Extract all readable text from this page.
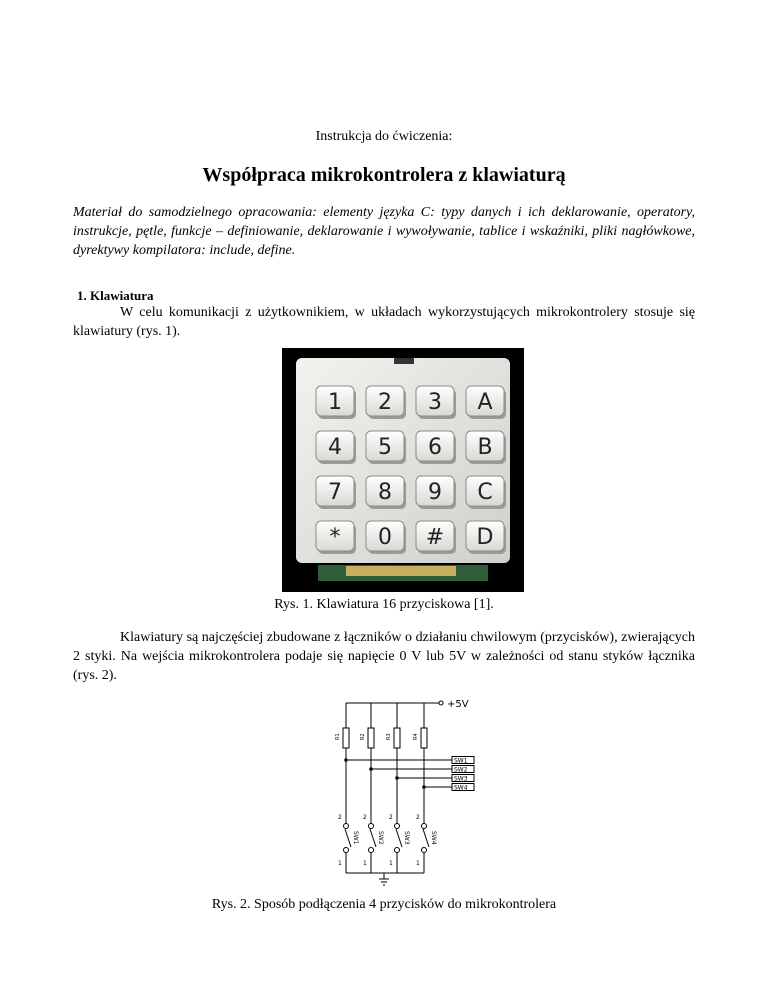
Instrukcja do ćwiczenia:
Współpraca mikrokontrolera z klawiaturą
Materiał do samodzielnego opracowania: elementy języka C: typy danych i ich deklarowanie, operatory, instrukcje, pętle, funkcje – definiowanie, deklarowanie i wywoływanie, tablice i wskaźniki, pliki nagłówkowe, dyrektywy kompilatora: include, define.
1. Klawiatura
W celu komunikacji z użytkownikiem, w układach wykorzystujących mikrokontrolery stosuje się klawiatury (rys. 1).
1 2 3 A
4 5 6 B
7 8 9 C
* 0 # D
Rys. 1. Klawiatura 16 przyciskowa [1].
Klawiatury są najczęściej zbudowane z łączników o działaniu chwilowym (przycisków), zwierających 2 styki. Na wejścia mikrokontrolera podaje się napięcie 0 V lub 5V w zależności od stanu styków łącznika (rys. 2).
+5V
R1
SW1
2
1
SW1
R2
SW2
2
1
SW2
R3
SW3
2
1
SW3
R4
SW4
2
1
SW4
Rys. 2. Sposób podłączenia 4 przycisków do mikrokontrolera
